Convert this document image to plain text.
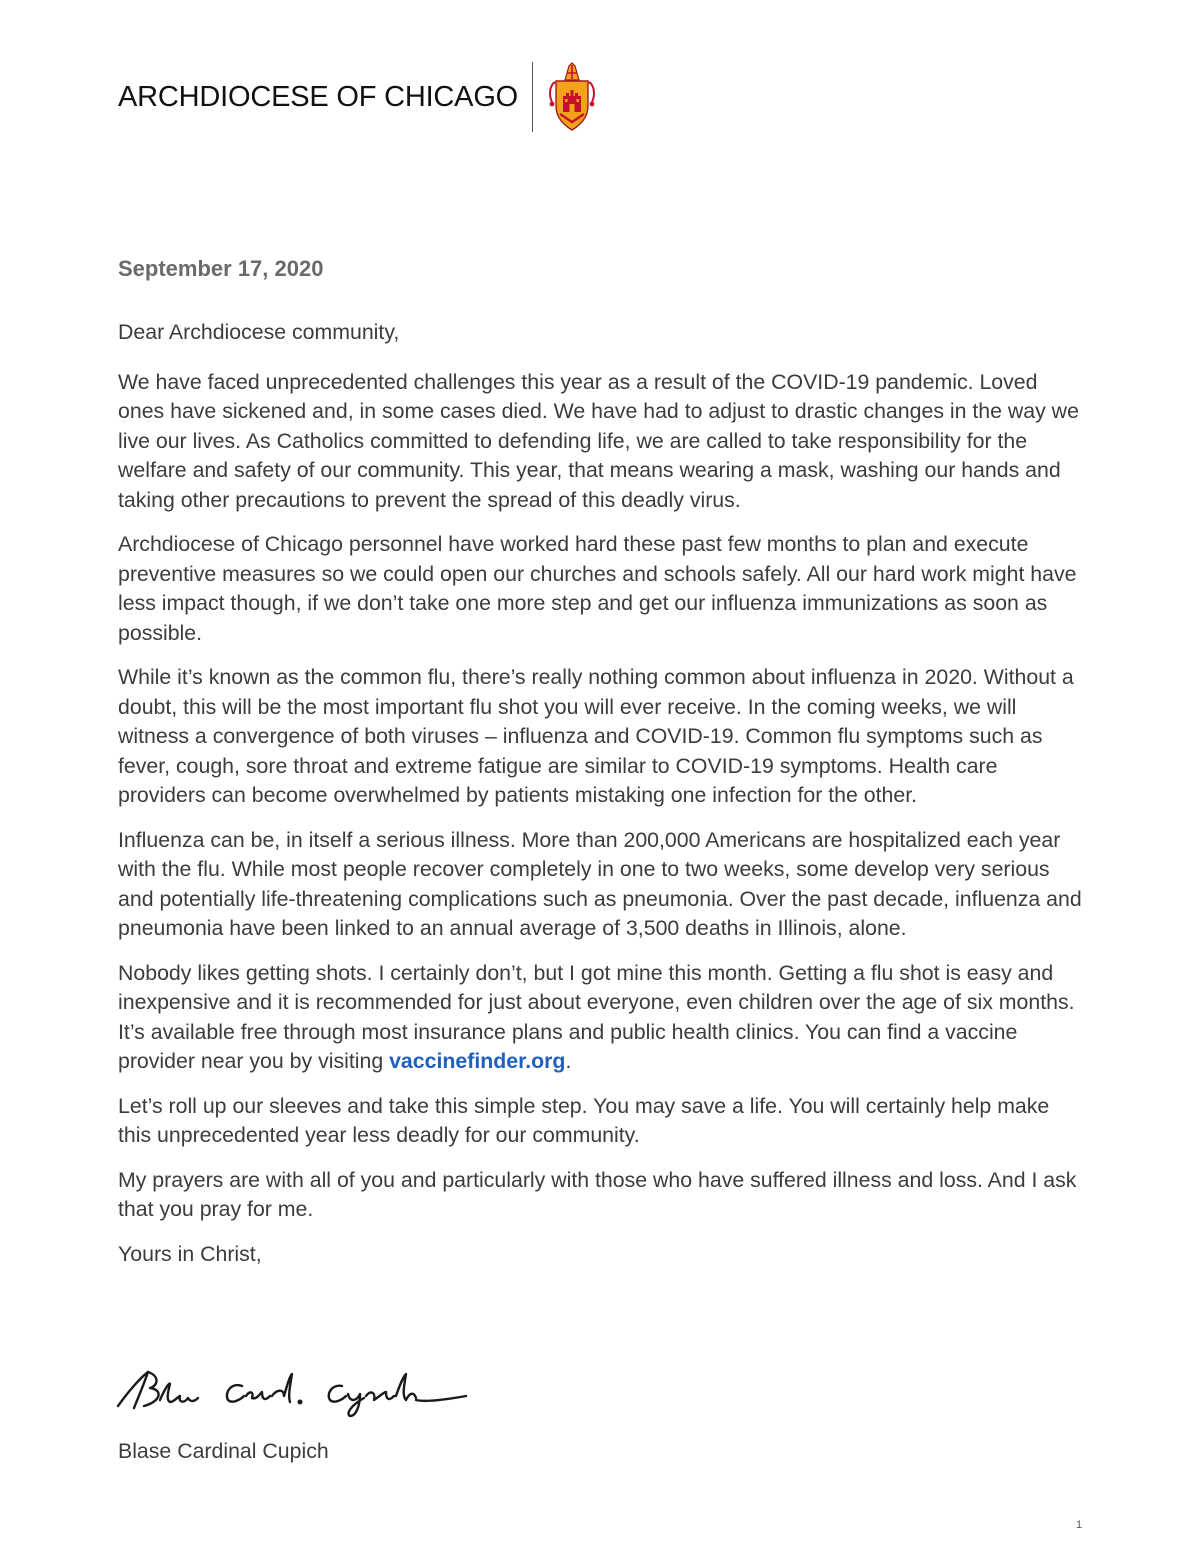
ARCHDIOCESE OF CHICAGO
September 17, 2020

Dear Archdiocese community,

We have faced unprecedented challenges this year as a result of the COVID-19 pandemic. Loved ones have sickened and, in some cases died. We have had to adjust to drastic changes in the way we live our lives. As Catholics committed to defending life, we are called to take responsibility for the welfare and safety of our community. This year, that means wearing a mask, washing our hands and taking other precautions to prevent the spread of this deadly virus.

Archdiocese of Chicago personnel have worked hard these past few months to plan and execute preventive measures so we could open our churches and schools safely. All our hard work might have less impact though, if we don’t take one more step and get our influenza immunizations as soon as possible.

While it’s known as the common flu, there’s really nothing common about influenza in 2020. Without a doubt, this will be the most important flu shot you will ever receive. In the coming weeks, we will witness a convergence of both viruses – influenza and COVID-19. Common flu symptoms such as fever, cough, sore throat and extreme fatigue are similar to COVID-19 symptoms. Health care providers can become overwhelmed by patients mistaking one infection for the other.

Influenza can be, in itself a serious illness. More than 200,000 Americans are hospitalized each year with the flu. While most people recover completely in one to two weeks, some develop very serious and potentially life-threatening complications such as pneumonia. Over the past decade, influenza and pneumonia have been linked to an annual average of 3,500 deaths in Illinois, alone.

Nobody likes getting shots. I certainly don’t, but I got mine this month. Getting a flu shot is easy and inexpensive and it is recommended for just about everyone, even children over the age of six months. It’s available free through most insurance plans and public health clinics. You can find a vaccine provider near you by visiting vaccinefinder.org.

Let’s roll up our sleeves and take this simple step. You may save a life. You will certainly help make this unprecedented year less deadly for our community.

My prayers are with all of you and particularly with those who have suffered illness and loss. And I ask that you pray for me.

Yours in Christ,

Blase Cardinal Cupich
1
